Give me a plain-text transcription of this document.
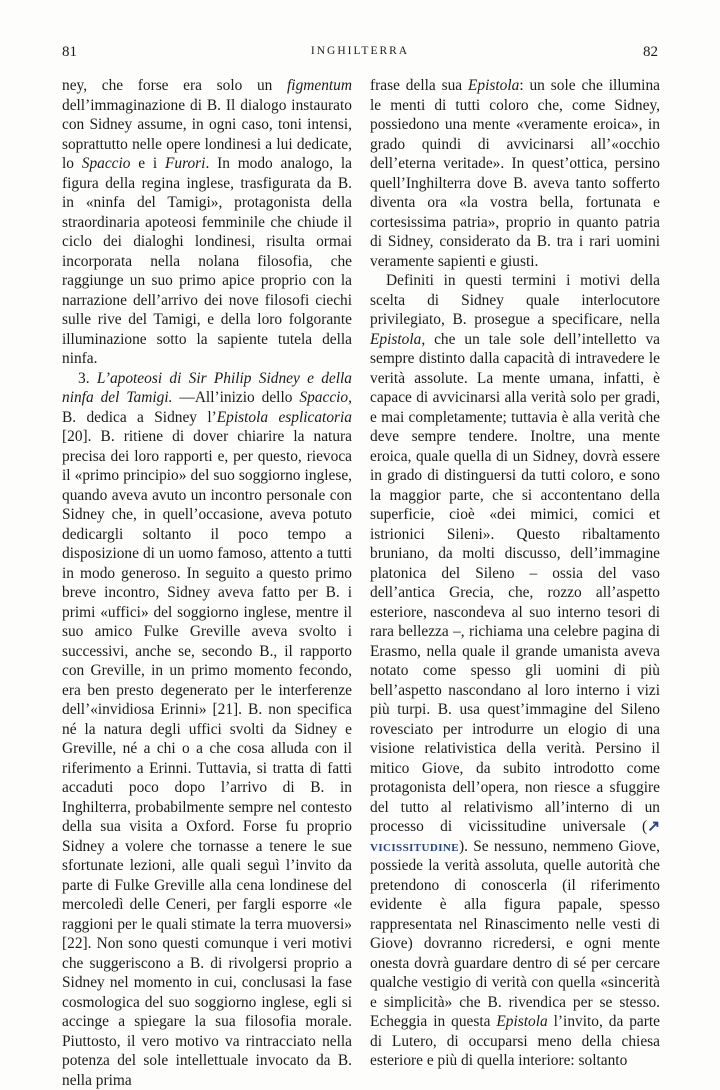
81	INGHILTERRA	82

ney, che forse era solo un figmentum dell’immaginazione di B. Il dialogo instaurato con Sidney assume, in ogni caso, toni intensi, soprattutto nelle opere londinesi a lui dedicate, lo Spaccio e i Furori. In modo analogo, la figura della regina inglese, trasfigurata da B. in «ninfa del Tamigi», protagonista della straordinaria apoteosi femminile che chiude il ciclo dei dialoghi londinesi, risulta ormai incorporata nella nolana filosofia, che raggiunge un suo primo apice proprio con la narrazione dell’arrivo dei nove filosofi ciechi sulle rive del Tamigi, e della loro folgorante illuminazione sotto la sapiente tutela della ninfa.

3. L’apoteosi di Sir Philip Sidney e della ninfa del Tamigi. —All’inizio dello Spaccio, B. dedica a Sidney l’Epistola esplicatoria [20]. B. ritiene di dover chiarire la natura precisa dei loro rapporti e, per questo, rievoca il «primo principio» del suo soggiorno inglese, quando aveva avuto un incontro personale con Sidney che, in quell’occasione, aveva potuto dedicargli soltanto il poco tempo a disposizione di un uomo famoso, attento a tutti in modo generoso. In seguito a questo primo breve incontro, Sidney aveva fatto per B. i primi «uffici» del soggiorno inglese, mentre il suo amico Fulke Greville aveva svolto i successivi, anche se, secondo B., il rapporto con Greville, in un primo momento fecondo, era ben presto degenerato per le interferenze dell’«invidiosa Erinni» [21]. B. non specifica né la natura degli uffici svolti da Sidney e Greville, né a chi o a che cosa alluda con il riferimento a Erinni. Tuttavia, si tratta di fatti accaduti poco dopo l’arrivo di B. in Inghilterra, probabilmente sempre nel contesto della sua visita a Oxford. Forse fu proprio Sidney a volere che tornasse a tenere le sue sfortunate lezioni, alle quali seguì l’invito da parte di Fulke Greville alla cena londinese del mercoledì delle Ceneri, per fargli esporre «le raggioni per le quali stimate la terra muoversi» [22]. Non sono questi comunque i veri motivi che suggeriscono a B. di rivolgersi proprio a Sidney nel momento in cui, conclusasi la fase cosmologica del suo soggiorno inglese, egli si accinge a spiegare la sua filosofia morale. Piuttosto, il vero motivo va rintracciato nella potenza del sole intellettuale invocato da B. nella prima

frase della sua Epistola: un sole che illumina le menti di tutti coloro che, come Sidney, possiedono una mente «veramente eroica», in grado quindi di avvicinarsi all’«occhio dell’eterna veritade». In quest’ottica, persino quell’Inghilterra dove B. aveva tanto sofferto diventa ora «la vostra bella, fortunata e cortesissima patria», proprio in quanto patria di Sidney, considerato da B. tra i rari uomini veramente sapienti e giusti.

Definiti in questi termini i motivi della scelta di Sidney quale interlocutore privilegiato, B. prosegue a specificare, nella Epistola, che un tale sole dell’intelletto va sempre distinto dalla capacità di intravedere le verità assolute. La mente umana, infatti, è capace di avvicinarsi alla verità solo per gradi, e mai completamente; tuttavia è alla verità che deve sempre tendere. Inoltre, una mente eroica, quale quella di un Sidney, dovrà essere in grado di distinguersi da tutti coloro, e sono la maggior parte, che si accontentano della superficie, cioè «dei mimici, comici et istrionici Sileni». Questo ribaltamento bruniano, da molti discusso, dell’immagine platonica del Sileno – ossia del vaso dell’antica Grecia, che, rozzo all’aspetto esteriore, nascondeva al suo interno tesori di rara bellezza –, richiama una celebre pagina di Erasmo, nella quale il grande umanista aveva notato come spesso gli uomini di più bell’aspetto nascondano al loro interno i vizi più turpi. B. usa quest’immagine del Sileno rovesciato per introdurre un elogio di una visione relativistica della verità. Persino il mitico Giove, da subito introdotto come protagonista dell’opera, non riesce a sfuggire del tutto al relativismo all’interno di un processo di vicissitudine universale (↗ vicissitudine). Se nessuno, nemmeno Giove, possiede la verità assoluta, quelle autorità che pretendono di conoscerla (il riferimento evidente è alla figura papale, spesso rappresentata nel Rinascimento nelle vesti di Giove) dovranno ricredersi, e ogni mente onesta dovrà guardare dentro di sé per cercare qualche vestigio di verità con quella «sincerità e simplicità» che B. rivendica per se stesso. Echeggia in questa Epistola l’invito, da parte di Lutero, di occuparsi meno della chiesa esteriore e più di quella interiore: soltanto
